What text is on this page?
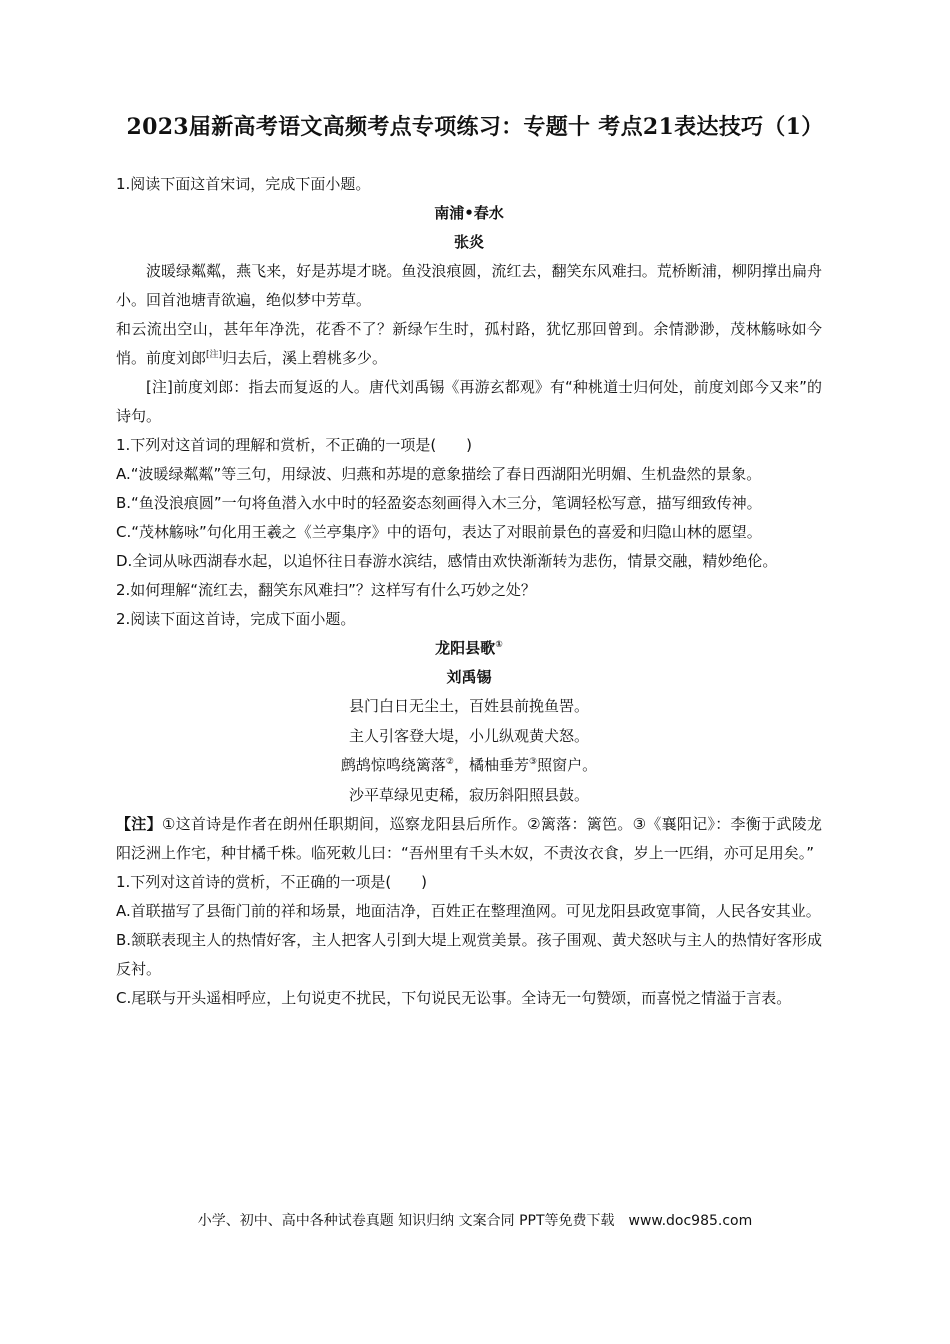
2023届新高考语文高频考点专项练习：专题十 考点21表达技巧（1）

1.阅读下面这首宋词，完成下面小题。

南浦•春水

张炎

波暖绿粼粼，燕飞来，好是苏堤才晓。鱼没浪痕圆，流红去，翻笑东风难扫。荒桥断浦，柳阴撑出扁舟小。回首池塘青欲遍，绝似梦中芳草。

和云流出空山，甚年年净洗，花香不了？新绿乍生时，孤村路，犹忆那回曾到。余情渺渺，茂林觞咏如今悄。前度刘郎[注]归去后，溪上碧桃多少。

[注]前度刘郎：指去而复返的人。唐代刘禹锡《再游玄都观》有“种桃道士归何处，前度刘郎今又来”的诗句。

1.下列对这首词的理解和赏析，不正确的一项是(　　)

A.“波暖绿粼粼”等三句，用绿波、归燕和苏堤的意象描绘了春日西湖阳光明媚、生机盎然的景象。

B.“鱼没浪痕圆”一句将鱼潜入水中时的轻盈姿态刻画得入木三分，笔调轻松写意，描写细致传神。

C.“茂林觞咏”句化用王羲之《兰亭集序》中的语句，表达了对眼前景色的喜爱和归隐山林的愿望。

D.全词从咏西湖春水起，以追怀往日春游水滨结，感情由欢快渐渐转为悲伤，情景交融，精妙绝伦。

2.如何理解“流红去，翻笑东风难扫”？这样写有什么巧妙之处？

2.阅读下面这首诗，完成下面小题。

龙阳县歌①

刘禹锡

县门白日无尘土，百姓县前挽鱼罟。

主人引客登大堤，小儿纵观黄犬怒。

鹧鸪惊鸣绕篱落②，橘柚垂芳③照窗户。

沙平草绿见吏稀，寂历斜阳照县鼓。

【注】①这首诗是作者在朗州任职期间，巡察龙阳县后所作。②篱落：篱笆。③《襄阳记》：李衡于武陵龙阳泛洲上作宅，种甘橘千株。临死敕儿曰：“吾州里有千头木奴，不责汝衣食，岁上一匹绢，亦可足用矣。”

1.下列对这首诗的赏析，不正确的一项是(　　)

A.首联描写了县衙门前的祥和场景，地面洁净，百姓正在整理渔网。可见龙阳县政宽事简，人民各安其业。

B.颔联表现主人的热情好客，主人把客人引到大堤上观赏美景。孩子围观、黄犬怒吠与主人的热情好客形成反衬。

C.尾联与开头遥相呼应，上句说吏不扰民，下句说民无讼事。全诗无一句赞颂，而喜悦之情溢于言表。

小学、初中、高中各种试卷真题 知识归纳 文案合同 PPT等免费下载　www.doc985.com
